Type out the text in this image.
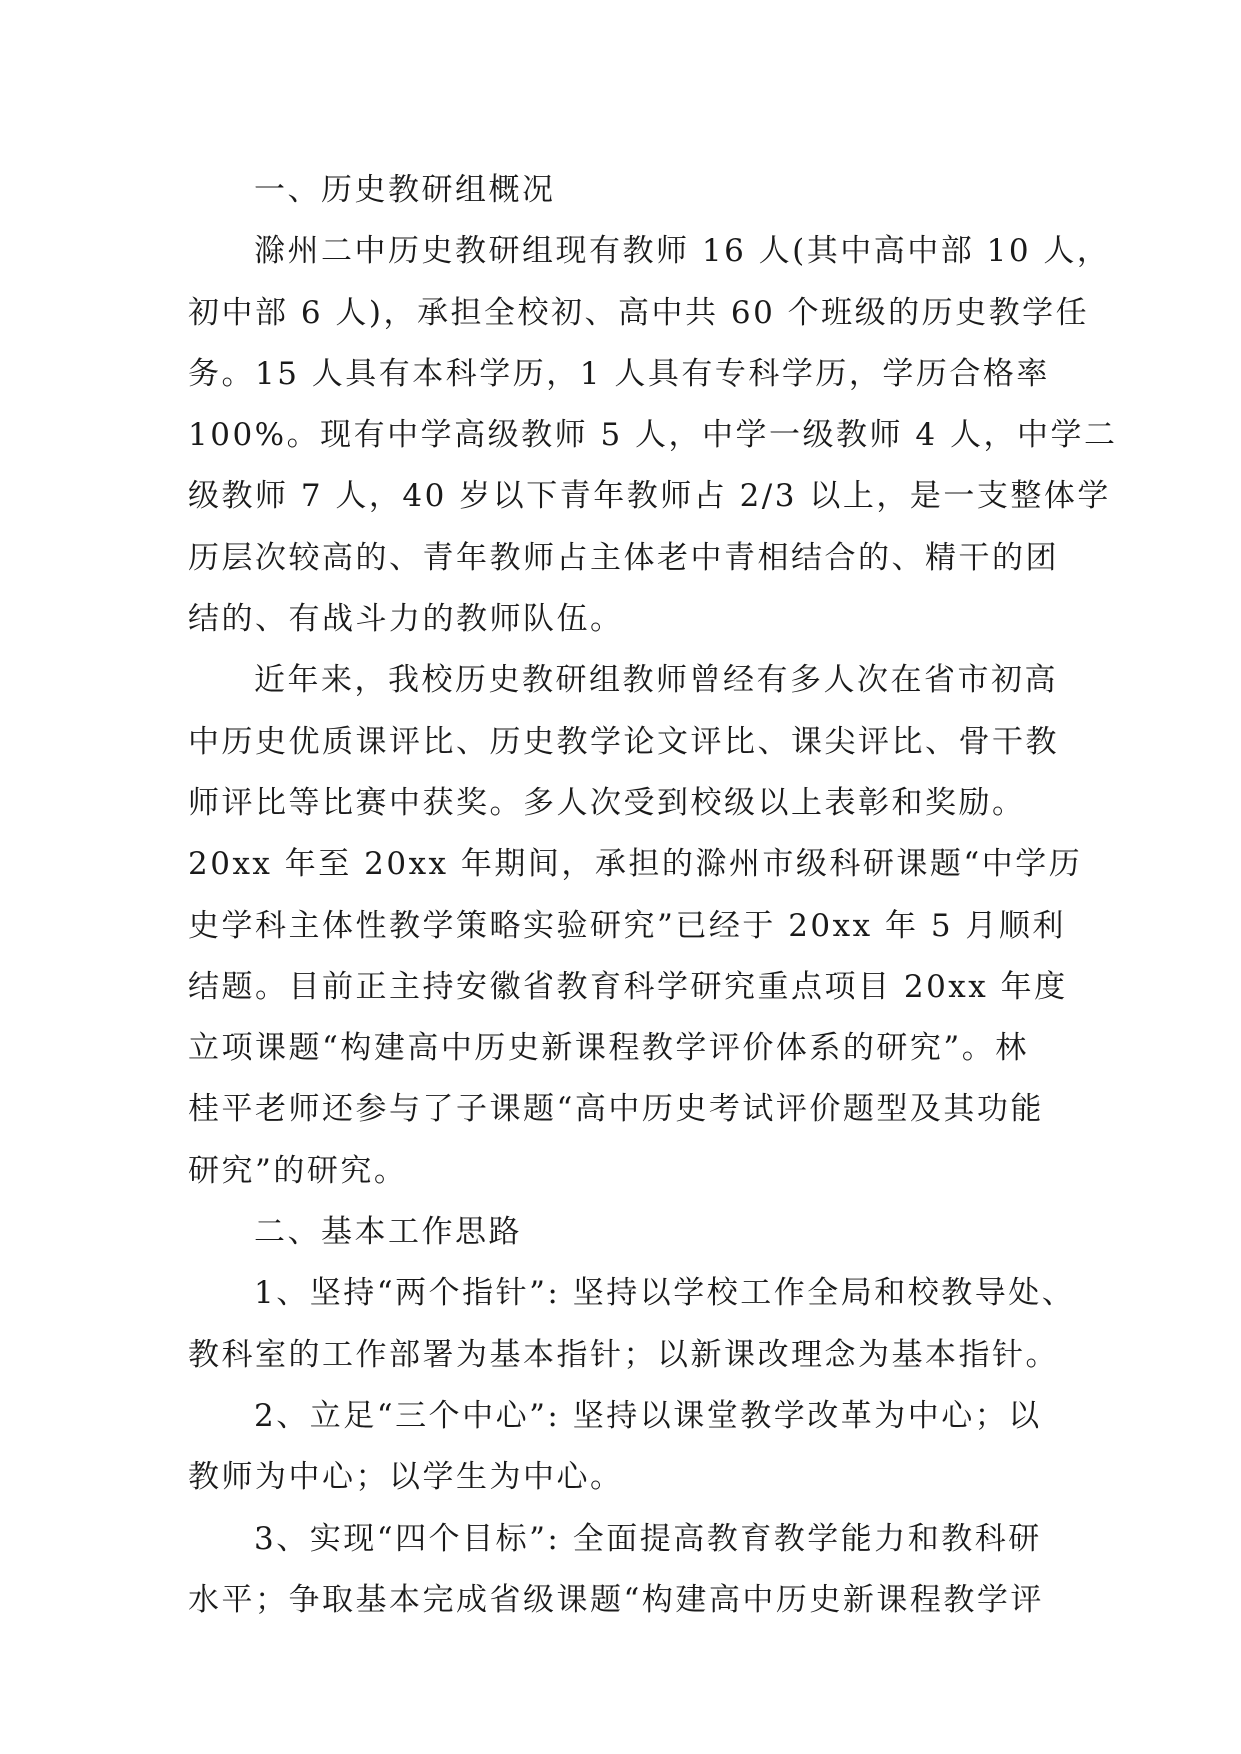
一、历史教研组概况
滁州二中历史教研组现有教师 16 人(其中高中部 10 人，
初中部 6 人)，承担全校初、高中共 60 个班级的历史教学任
务。15 人具有本科学历，1 人具有专科学历，学历合格率
100%。现有中学高级教师 5 人，中学一级教师 4 人，中学二
级教师 7 人，40 岁以下青年教师占 2/3 以上，是一支整体学
历层次较高的、青年教师占主体老中青相结合的、精干的团
结的、有战斗力的教师队伍。
近年来，我校历史教研组教师曾经有多人次在省市初高
中历史优质课评比、历史教学论文评比、课尖评比、骨干教
师评比等比赛中获奖。多人次受到校级以上表彰和奖励。
20xx 年至 20xx 年期间，承担的滁州市级科研课题“中学历
史学科主体性教学策略实验研究”已经于 20xx 年 5 月顺利
结题。目前正主持安徽省教育科学研究重点项目 20xx 年度
立项课题“构建高中历史新课程教学评价体系的研究”。林
桂平老师还参与了子课题“高中历史考试评价题型及其功能
研究”的研究。
二、基本工作思路
1、坚持“两个指针”: 坚持以学校工作全局和校教导处、
教科室的工作部署为基本指针；以新课改理念为基本指针。
2、立足“三个中心”: 坚持以课堂教学改革为中心；以
教师为中心；以学生为中心。
3、实现“四个目标”: 全面提高教育教学能力和教科研
水平；争取基本完成省级课题“构建高中历史新课程教学评
